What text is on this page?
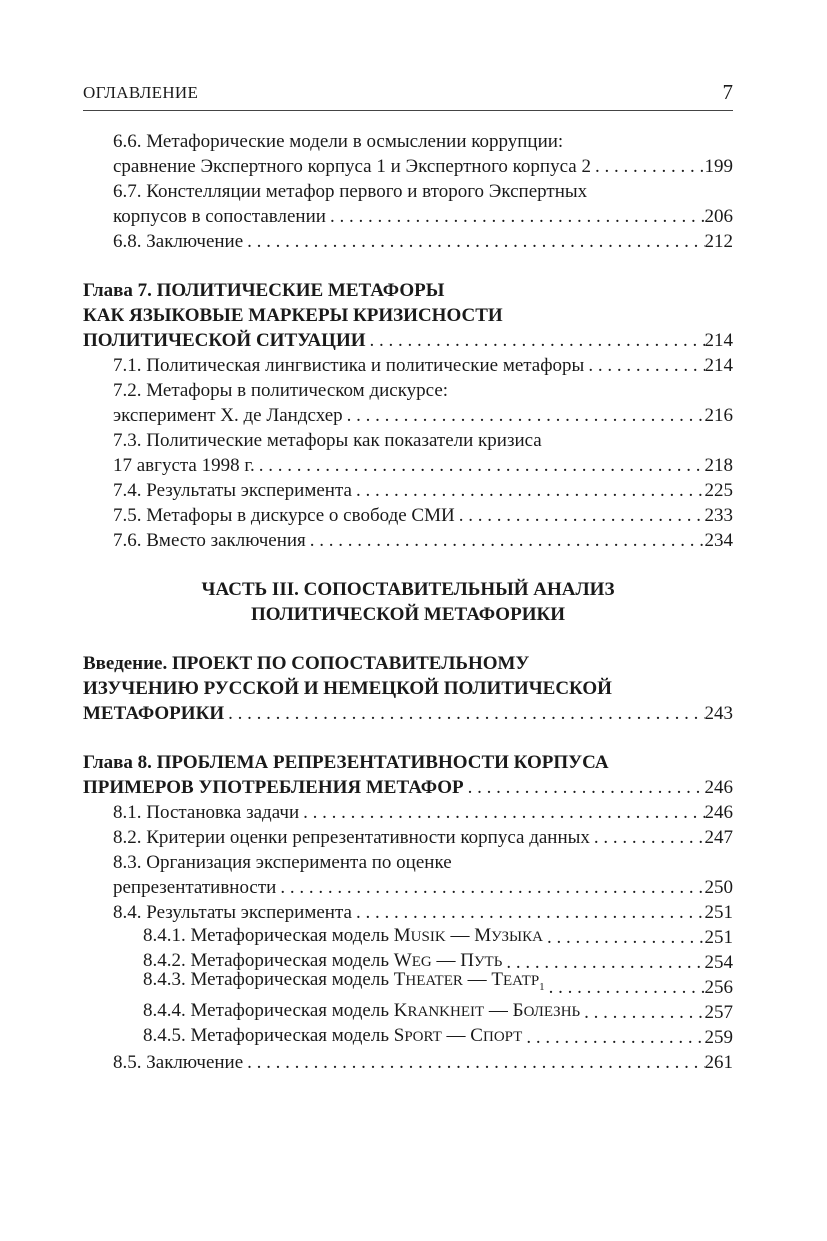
ОГЛАВЛЕНИЕ	7
6.6. Метафорические модели в осмыслении коррупции:
сравнение Экспертного корпуса 1 и Экспертного корпуса 2 . . .	199
6.7. Констелляции метафор первого и второго Экспертных
корпусов в сопоставлении . . .	206
6.8. Заключение . . .	212
Глава 7. ПОЛИТИЧЕСКИЕ МЕТАФОРЫ
КАК ЯЗЫКОВЫЕ МАРКЕРЫ КРИЗИСНОСТИ
ПОЛИТИЧЕСКОЙ СИТУАЦИИ . . .	214
7.1. Политическая лингвистика и политические метафоры . . .	214
7.2. Метафоры в политическом дискурсе:
эксперимент Х. де Ландсхер . . .	216
7.3. Политические метафоры как показатели кризиса
17 августа 1998 г. . . .	218
7.4. Результаты эксперимента . . .	225
7.5. Метафоры в дискурсе о свободе СМИ . . .	233
7.6. Вместо заключения . . .	234
ЧАСТЬ III. СОПОСТАВИТЕЛЬНЫЙ АНАЛИЗ
ПОЛИТИЧЕСКОЙ МЕТАФОРИКИ
Введение. ПРОЕКТ ПО СОПОСТАВИТЕЛЬНОМУ
ИЗУЧЕНИЮ РУССКОЙ И НЕМЕЦКОЙ ПОЛИТИЧЕСКОЙ
МЕТАФОРИКИ . . .	243
Глава 8. ПРОБЛЕМА РЕПРЕЗЕНТАТИВНОСТИ КОРПУСА
ПРИМЕРОВ УПОТРЕБЛЕНИЯ МЕТАФОР . . .	246
8.1. Постановка задачи . . .	246
8.2. Критерии оценки репрезентативности корпуса данных . . .	247
8.3. Организация эксперимента по оценке
репрезентативности . . .	250
8.4. Результаты эксперимента . . .	251
8.4.1. Метафорическая модель MUSIK — МУЗЫКА . . .	251
8.4.2. Метафорическая модель WEG — ПУТЬ . . .	254
8.4.3. Метафорическая модель THEATER — $ТЕАТР_1$ . . .	256
8.4.4. Метафорическая модель KRANKHEIT — БОЛЕЗНЬ . . .	257
8.4.5. Метафорическая модель SPORT — СПОРТ . . .	259
8.5. Заключение . . .	261
